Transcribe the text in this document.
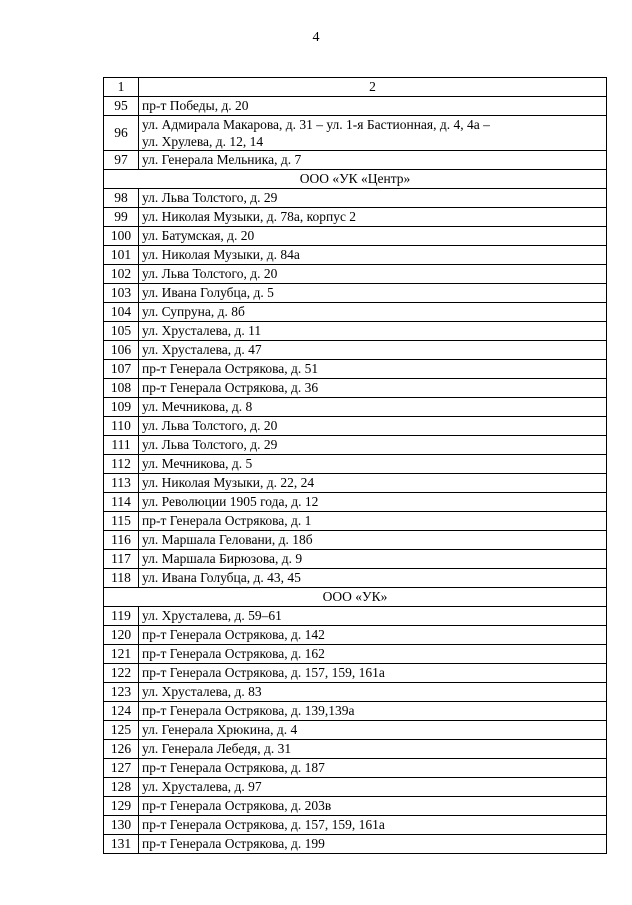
4
1	2
95	пр-т Победы, д. 20
96	ул. Адмирала Макарова, д. 31 – ул. 1-я Бастионная, д. 4, 4а –
ул. Хрулева, д. 12, 14

97	ул. Генерала Мельника, д. 7
ООО «УК «Центр»	
98	ул. Льва Толстого, д. 29
99	ул. Николая Музыки, д. 78а, корпус 2
100	ул. Батумская, д. 20
101	ул. Николая Музыки, д. 84а
102	ул. Льва Толстого, д. 20
103	ул. Ивана Голубца, д. 5
104	ул. Супруна, д. 8б
105	ул. Хрусталева, д. 11
106	ул. Хрусталева, д. 47
107	пр-т Генерала Острякова, д. 51
108	пр-т Генерала Острякова, д. 36
109	ул. Мечникова, д. 8
110	ул. Льва Толстого, д. 20
111	ул. Льва Толстого, д. 29
112	ул. Мечникова, д. 5
113	ул. Николая Музыки, д. 22, 24
114	ул. Революции 1905 года, д. 12
115	пр-т Генерала Острякова, д. 1
116	ул. Маршала Геловани, д. 18б
117	ул. Маршала Бирюзова, д. 9
118	ул. Ивана Голубца, д. 43, 45
ООО «УК»	
119	ул. Хрусталева, д. 59–61
120	пр-т Генерала Острякова, д. 142
121	пр-т Генерала Острякова, д. 162
122	пр-т Генерала Острякова, д. 157, 159, 161а
123	ул. Хрусталева, д. 83
124	пр-т Генерала Острякова, д. 139,139а
125	ул. Генерала Хрюкина, д. 4
126	ул. Генерала Лебедя, д. 31
127	пр-т Генерала Острякова, д. 187
128	ул. Хрусталева, д. 97
129	пр-т Генерала Острякова, д. 203в
130	пр-т Генерала Острякова, д. 157, 159, 161а
131	пр-т Генерала Острякова, д. 199
